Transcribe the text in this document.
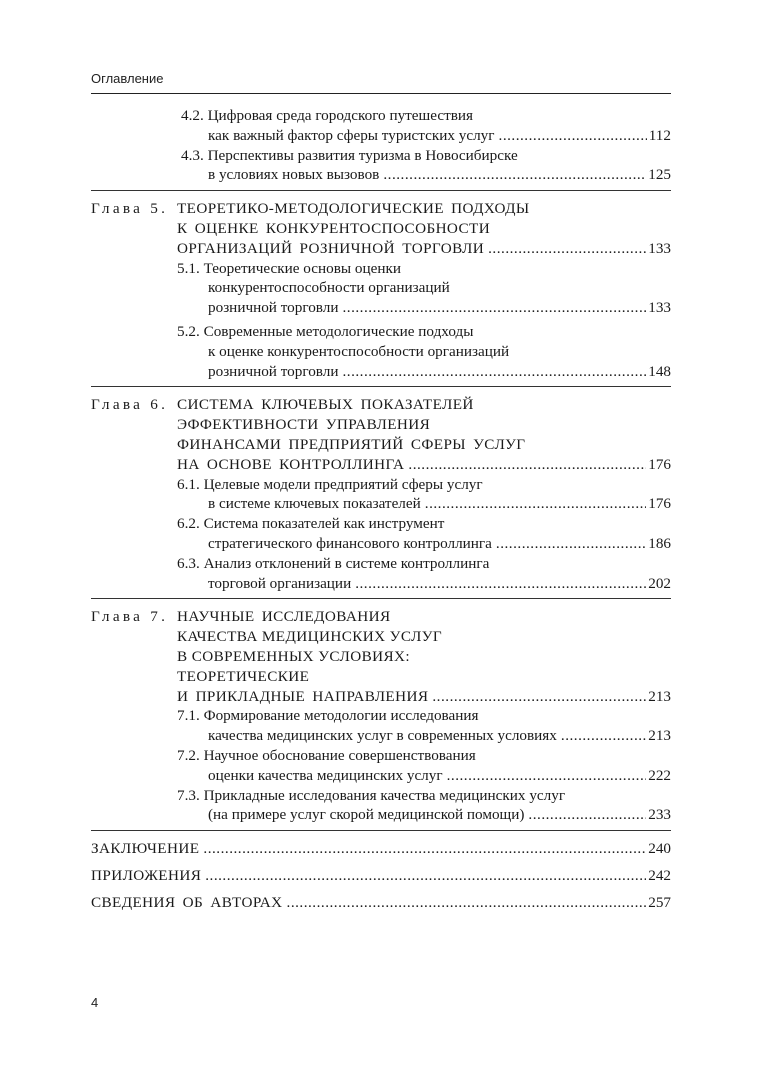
Оглавление
4.2. Цифровая среда городского путешествия
как важный фактор сферы туристских услуг .....	112
4.3. Перспективы развития туризма в Новосибирске
в условиях новых вызовов .....	125
Глава 5. ТЕОРЕТИКО-МЕТОДОЛОГИЧЕСКИЕ ПОДХОДЫ
К ОЦЕНКЕ КОНКУРЕНТОСПОСОБНОСТИ
ОРГАНИЗАЦИЙ РОЗНИЧНОЙ ТОРГОВЛИ .....	133
5.1. Теоретические основы оценки
конкурентоспособности организаций
розничной торговли .....	133
5.2. Современные методологические подходы
к оценке конкурентоспособности организаций
розничной торговли .....	148
Глава 6. СИСТЕМА КЛЮЧЕВЫХ ПОКАЗАТЕЛЕЙ
ЭФФЕКТИВНОСТИ УПРАВЛЕНИЯ
ФИНАНСАМИ ПРЕДПРИЯТИЙ СФЕРЫ УСЛУГ
НА ОСНОВЕ КОНТРОЛЛИНГА .....	176
6.1. Целевые модели предприятий сферы услуг
в системе ключевых показателей .....	176
6.2. Система показателей как инструмент
стратегического финансового контроллинга .....	186
6.3. Анализ отклонений в системе контроллинга
торговой организации .....	202
Глава 7. НАУЧНЫЕ ИССЛЕДОВАНИЯ
КАЧЕСТВА МЕДИЦИНСКИХ УСЛУГ
В СОВРЕМЕННЫХ УСЛОВИЯХ:
ТЕОРЕТИЧЕСКИЕ
И ПРИКЛАДНЫЕ НАПРАВЛЕНИЯ .....	213
7.1. Формирование методологии исследования
качества медицинских услуг в современных условиях .....	213
7.2. Научное обоснование совершенствования
оценки качества медицинских услуг .....	222
7.3. Прикладные исследования качества медицинских услуг
(на примере услуг скорой медицинской помощи) .....	233
ЗАКЛЮЧЕНИЕ .....	240
ПРИЛОЖЕНИЯ .....	242
СВЕДЕНИЯ ОБ АВТОРАХ .....	257
4
